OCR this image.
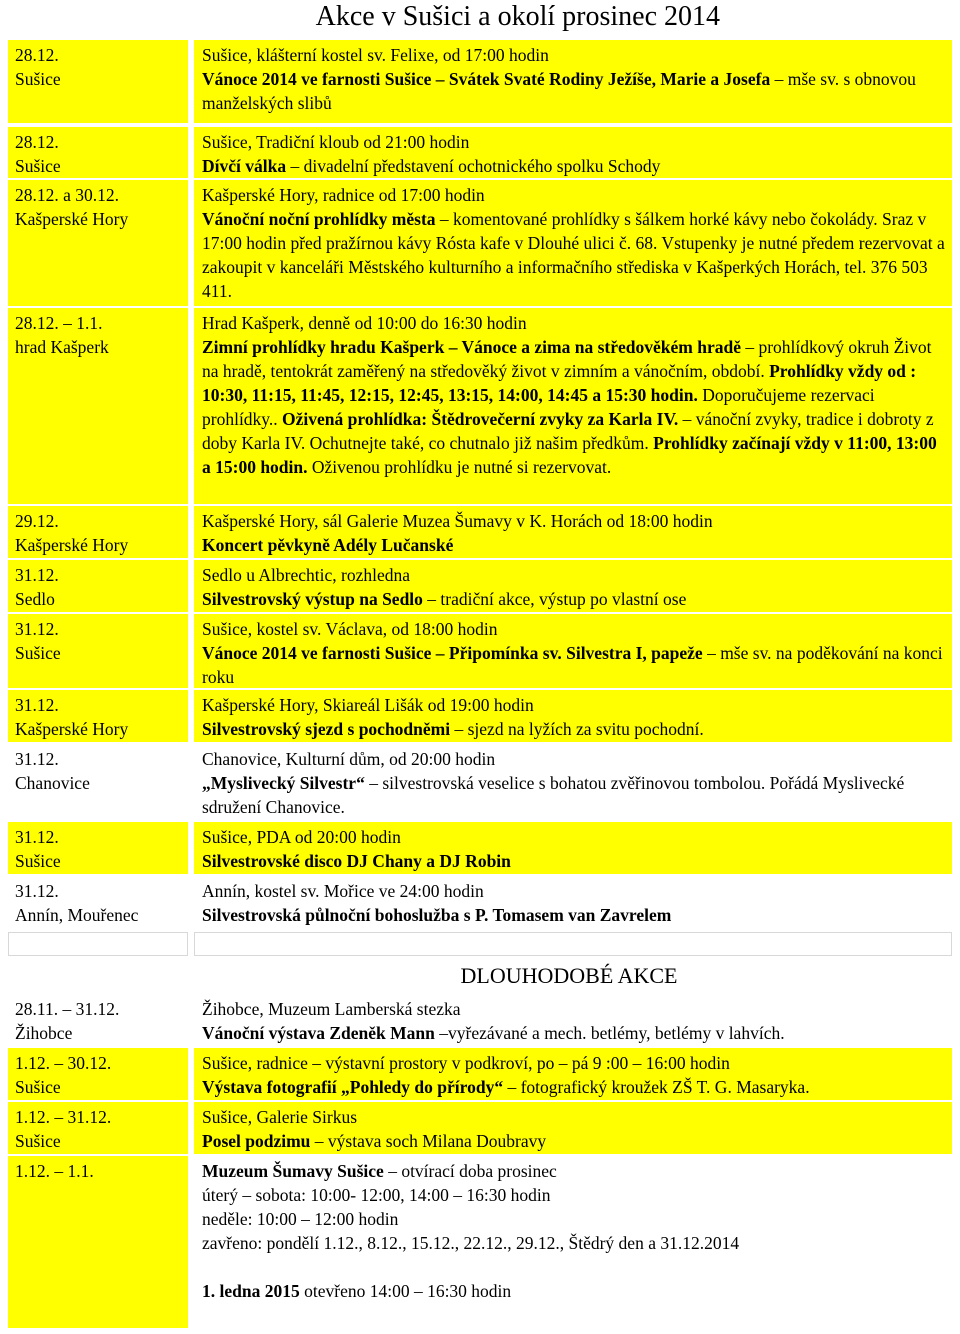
Akce v Sušici a okolí prosinec 2014
28.12.
Sušice
Sušice, klášterní kostel sv. Felixe, od 17:00 hodin
Vánoce 2014 ve farnosti Sušice – Svátek Svaté Rodiny Ježíše, Marie a Josefa – mše sv. s obnovou manželských slibů
28.12.
Sušice
Sušice, Tradiční kloub od 21:00 hodin
Dívčí válka – divadelní představení ochotnického spolku Schody
28.12. a 30.12.
Kašperské Hory
Kašperské Hory, radnice od 17:00 hodin
Vánoční noční prohlídky města – komentované prohlídky s šálkem horké kávy nebo čokolády. Sraz v 17:00 hodin před pražírnou kávy Rósta kafe v Dlouhé ulici č. 68. Vstupenky je nutné předem rezervovat a zakoupit v kanceláři Městského kulturního a informačního střediska v Kašperkých Horách, tel. 376 503 411.
28.12. – 1.1.
hrad Kašperk
Hrad Kašperk, denně od 10:00 do 16:30 hodin
Zimní prohlídky hradu Kašperk – Vánoce a zima na středověkém hradě – prohlídkový okruh Život na hradě, tentokrát zaměřený na středověký život v zimním a vánočním, období. Prohlídky vždy od : 10:30, 11:15, 11:45, 12:15, 12:45, 13:15, 14:00, 14:45 a 15:30 hodin. Doporučujeme rezervaci prohlídky.. Oživená prohlídka: Štědrovečerní zvyky za Karla IV. – vánoční zvyky, tradice i dobroty z doby Karla IV. Ochutnejte také, co chutnalo již našim předkům. Prohlídky začínají vždy v 11:00, 13:00 a 15:00 hodin. Oživenou prohlídku je nutné si rezervovat.
29.12.
Kašperské Hory
Kašperské Hory, sál Galerie Muzea Šumavy v K. Horách od 18:00 hodin
Koncert pěvkyně Adély Lučanské
31.12.
Sedlo
Sedlo u Albrechtic, rozhledna
Silvestrovský výstup na Sedlo – tradiční akce, výstup po vlastní ose
31.12.
Sušice
Sušice, kostel sv. Václava, od 18:00 hodin
Vánoce 2014 ve farnosti Sušice – Připomínka sv. Silvestra I, papeže – mše sv. na poděkování na konci roku
31.12.
Kašperské Hory
Kašperské Hory, Skiareál Lišák od 19:00 hodin
Silvestrovský sjezd s pochodněmi – sjezd na lyžích za svitu pochodní.
31.12.
Chanovice
Chanovice, Kulturní dům, od 20:00 hodin
„Myslivecký Silvestr“ – silvestrovská veselice s bohatou zvěřinovou tombolou. Pořádá Myslivecké sdružení Chanovice.
31.12.
Sušice
Sušice, PDA od 20:00 hodin
Silvestrovské disco DJ Chany a DJ Robin
31.12.
Annín, Mouřenec
Annín, kostel sv. Mořice ve 24:00 hodin
Silvestrovská půlnoční bohoslužba s P. Tomasem van Zavrelem
DLOUHODOBÉ AKCE
28.11. – 31.12.
Žihobce
Žihobce, Muzeum Lamberská stezka
Vánoční výstava Zdeněk Mann –vyřezávané a mech. betlémy, betlémy v lahvích.
1.12. – 30.12.
Sušice
Sušice, radnice – výstavní prostory v podkroví, po – pá 9 :00 – 16:00 hodin
Výstava fotografií „Pohledy do přírody“ – fotografický kroužek ZŠ T. G. Masaryka.
1.12. – 31.12.
Sušice
Sušice, Galerie Sirkus
Posel podzimu – výstava soch Milana Doubravy
1.12. – 1.1.	Muzeum Šumavy Sušice – otvírací doba prosinec
úterý – sobota: 10:00- 12:00, 14:00 – 16:30 hodin
neděle: 10:00 – 12:00 hodin
zavřeno: pondělí 1.12., 8.12., 15.12., 22.12., 29.12., Štědrý den a 31.12.2014
1. ledna 2015 otevřeno 14:00 – 16:30 hodin
